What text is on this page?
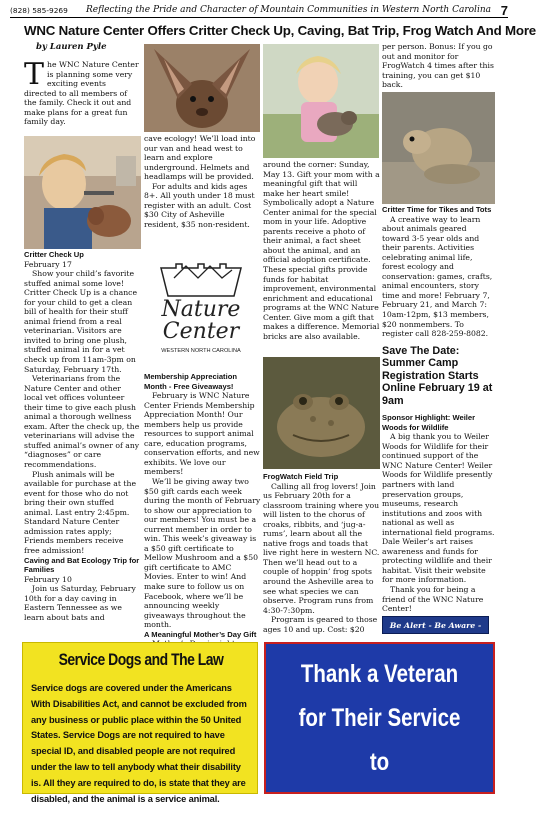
(828) 585-9269 Reflecting the Pride and Character of Mountain Communities in Western North Carolina 7
WNC Nature Center Offers Critter Check Up, Caving, Bat Trip, Frog Watch And More
by Lauren Pyle

The WNC Nature Center is planning some very exciting events directed to all members of the family. Check it out and make plans for a great fun family day.

Critter Check Up

February 17

Show your child’s favorite stuffed animal some love! Critter Check Up is a chance for your child to get a clean bill of health for their stuff animal friend from a real veterinarian. Visitors are invited to bring one plush, stuffed animal in for a vet check up from 11am-3pm on Saturday, February 17th.

Veterinarians from the Nature Center and other local vet offices volunteer their time to give each plush animal a thorough wellness exam. After the check up, the veterinarians will advise the stuffed animal’s owner of any “diagnoses” or care recommendations.

Plush animals will be available for purchase at the event for those who do not bring their own stuffed animal. Last entry 2:45pm. Standard Nature Center admission rates apply; Friends members receive free admission!

Caving and Bat Ecology Trip for Families

February 10

Join us Saturday, February 10th for a day caving in Eastern Tennessee as we learn about bats and

cave ecology! We’ll load into our van and head west to learn and explore underground. Helmets and headlamps will be provided.

For adults and kids ages 8+. All youth under 18 must register with an adult. Cost $30 City of Asheville resident, $35 non-resident.

Nature
Center
WESTERN NORTH CAROLINA

Membership Appreciation Month - Free Giveaways!

February is WNC Nature Center Friends Membership Appreciation Month! Our members help us provide resources to support animal care, education programs, conservation efforts, and new exhibits. We love our members!

We’ll be giving away two $50 gift cards each week during the month of February to show our appreciation to our members! You must be a current member in order to win. This week’s giveaway is a $50 gift certificate to Mellow Mushroom and a $50 gift certificate to AMC Movies. Enter to win! And make sure to follow us on Facebook, where we’ll be announcing weekly giveaways throughout the month.

A Meaningful Mother’s Day Gift

around the corner: Sunday, May 13. Gift your mom with a meaningful gift that will make her heart smile! Symbolically adopt a Nature Center animal for the special mom in your life. Adoptive parents receive a photo of their animal, a fact sheet about the animal, and an official adoption certificate. These special gifts provide funds for habitat improvement, environmental enrichment and educational programs at the WNC Nature Center. Give mom a gift that makes a difference. Memorial bricks are also available.

FrogWatch Field Trip

Calling all frog lovers! Join us February 20th for a classroom training where you will listen to the chorus of croaks, ribbits, and ‘jug-a-rums’, learn about all the native frogs and toads that live right here in western NC. Then we’ll head out to a couple of hoppin’ frog spots around the Asheville area to see what species we can observe. Program runs from 4:30-7:30pm.

Program is geared to those ages 10 and up. Cost: $20

per person. Bonus: If you go out and monitor for FrogWatch 4 times after this training, you can get $10 back.

Critter Time for Tikes and Tots

A creative way to learn about animals geared toward 3-5 year olds and their parents. Activities celebrating animal life, forest ecology and conservation: games, crafts, animal encounters, story time and more! February 7, February 21, and March 7: 10am-12pm, $13 members, $20 nonmembers. To register call 828-259-8082.

Save The Date: Summer Camp Registration Starts Online February 19 at 9am

Sponsor Highlight: Weiler Woods for Wildlife

A big thank you to Weiler Woods for Wildlife for their continued support of the WNC Nature Center! Weiler Woods for Wildlife presently partners with land preservation groups, museums, research institutions and zoos with national as well as international field programs. Dale Weiler’s art raises awareness and funds for protecting wildlife and their habitat. Visit their website for more information.

Thank you for being a friend of the WNC Nature Center!

Be Alert - Be Aware -
Service Dogs and The Law
Service dogs are covered under the Americans With Disabilities Act, and cannot be excluded from any business or public place within the 50 United States. Service Dogs are not required to have special ID, and disabled people are not required under the law to tell anybody what their disability is. All they are required to do, is state that they are disabled, and the animal is a service animal.
Thank a Veteran
for Their Service to
Our Country!
